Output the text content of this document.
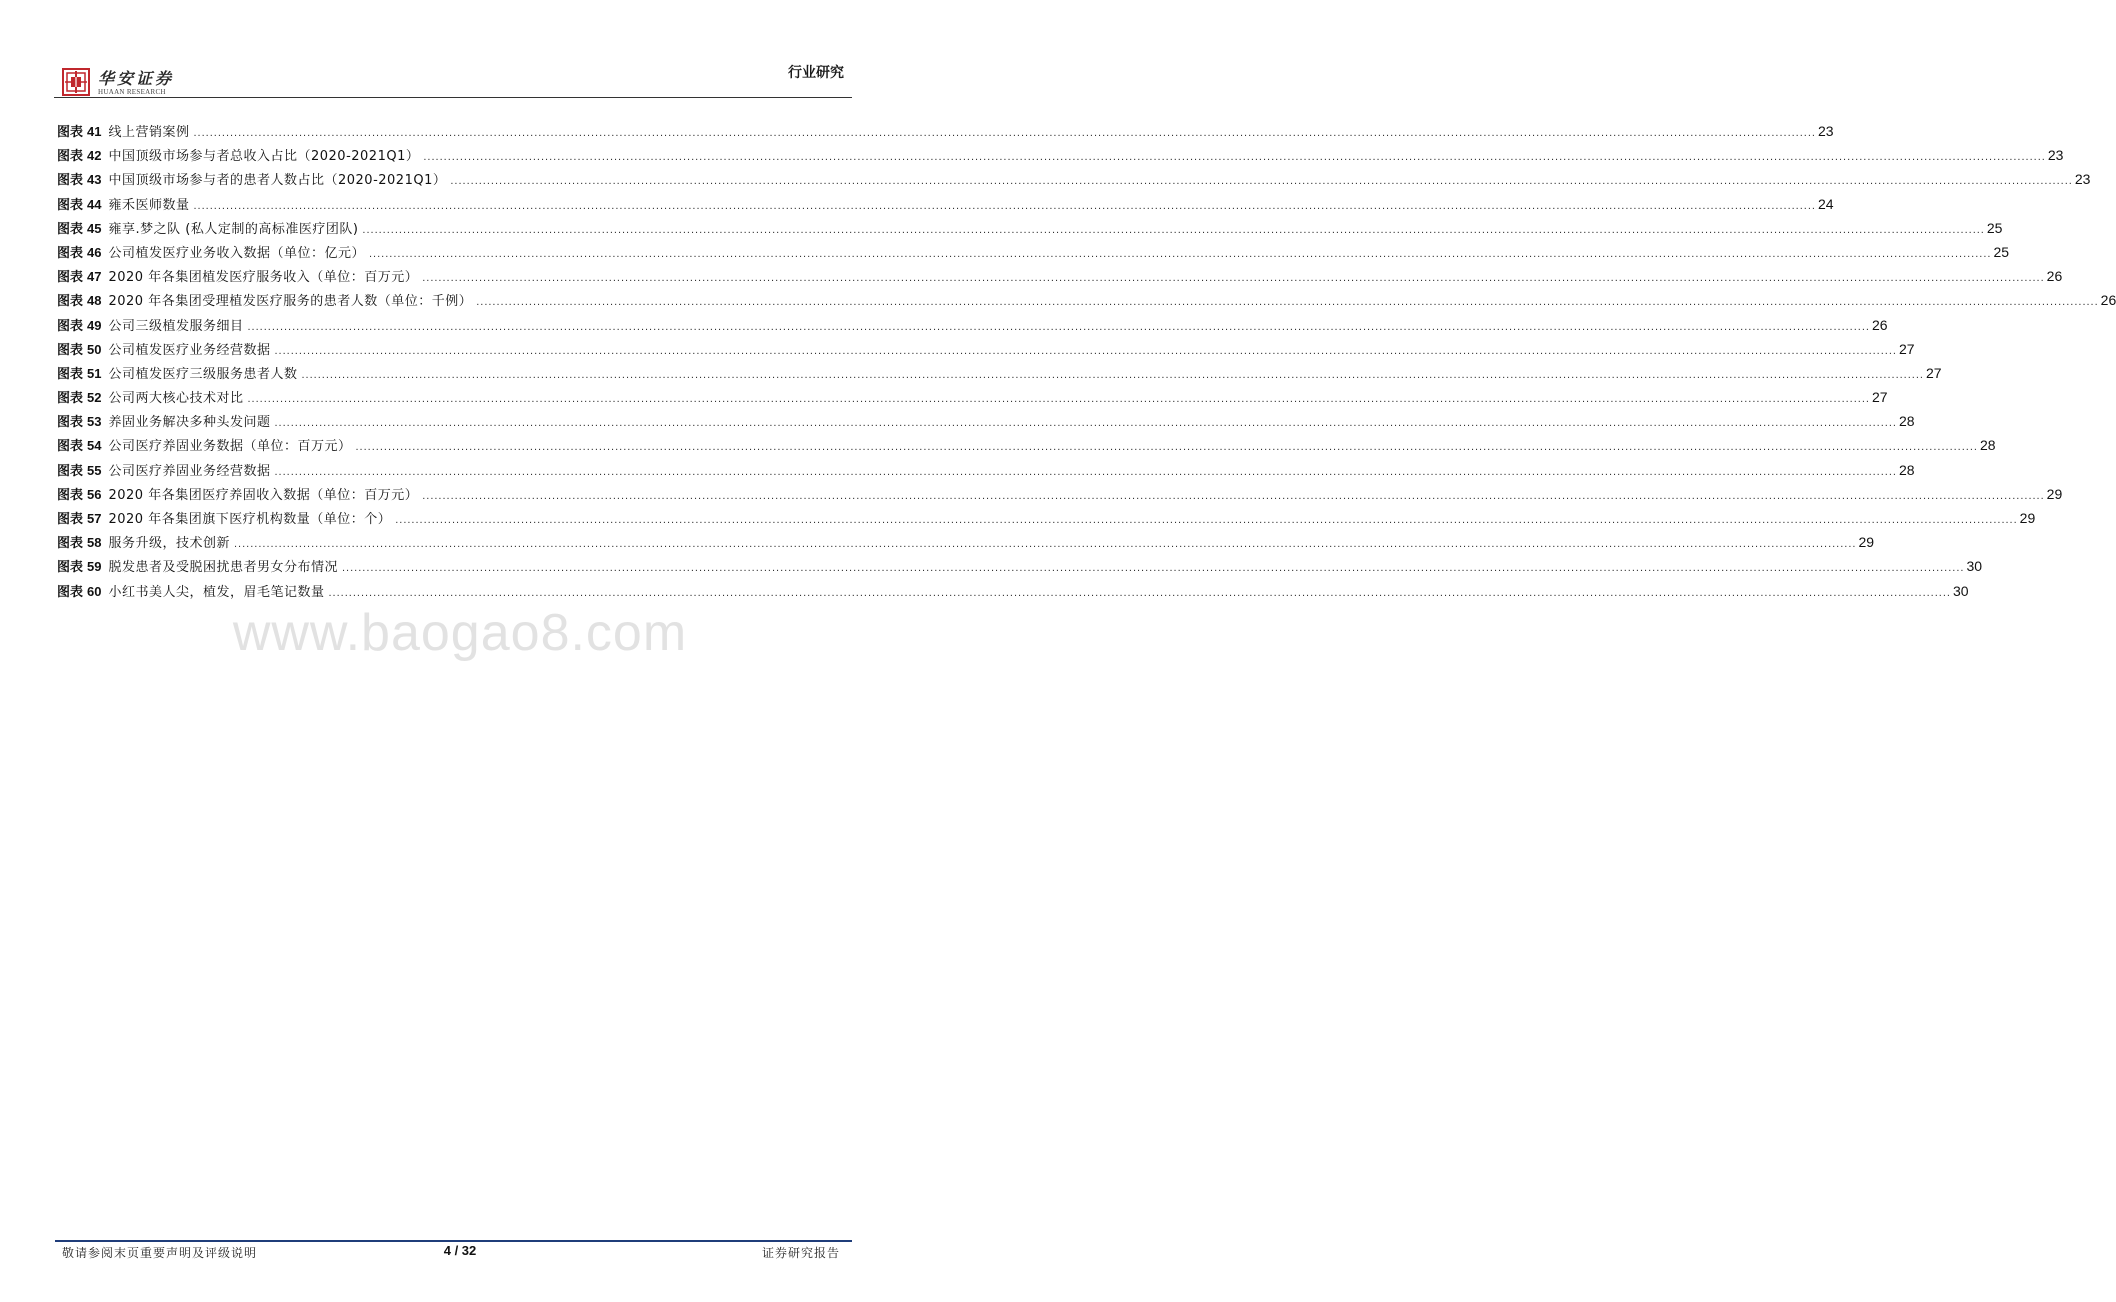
华安证券
HUAAN RESEARCH
行业研究
图表 41 线上营销案例 ................................................................................................................................................................................................................................................................................................................................................................................................................ 23
图表 42 中国顶级市场参与者总收入占比（2020-2021Q1） ................................................................................................................................................................................................................................................................................................................................................................................................................ 23
图表 43 中国顶级市场参与者的患者人数占比（2020-2021Q1） ................................................................................................................................................................................................................................................................................................................................................................................................................ 23
图表 44 雍禾医师数量 ................................................................................................................................................................................................................................................................................................................................................................................................................ 24
图表 45 雍享.梦之队 (私人定制的高标准医疗团队) ................................................................................................................................................................................................................................................................................................................................................................................................................ 25
图表 46 公司植发医疗业务收入数据（单位：亿元） ................................................................................................................................................................................................................................................................................................................................................................................................................ 25
图表 47 2020 年各集团植发医疗服务收入（单位：百万元） ................................................................................................................................................................................................................................................................................................................................................................................................................ 26
图表 48 2020 年各集团受理植发医疗服务的患者人数（单位：千例） ................................................................................................................................................................................................................................................................................................................................................................................................................ 26
图表 49 公司三级植发服务细目 ................................................................................................................................................................................................................................................................................................................................................................................................................ 26
图表 50 公司植发医疗业务经营数据 ................................................................................................................................................................................................................................................................................................................................................................................................................ 27
图表 51 公司植发医疗三级服务患者人数 ................................................................................................................................................................................................................................................................................................................................................................................................................ 27
图表 52 公司两大核心技术对比 ................................................................................................................................................................................................................................................................................................................................................................................................................ 27
图表 53 养固业务解决多种头发问题 ................................................................................................................................................................................................................................................................................................................................................................................................................ 28
图表 54 公司医疗养固业务数据（单位：百万元） ................................................................................................................................................................................................................................................................................................................................................................................................................ 28
图表 55 公司医疗养固业务经营数据 ................................................................................................................................................................................................................................................................................................................................................................................................................ 28
图表 56 2020 年各集团医疗养固收入数据（单位：百万元） ................................................................................................................................................................................................................................................................................................................................................................................................................ 29
图表 57 2020 年各集团旗下医疗机构数量（单位：个） ................................................................................................................................................................................................................................................................................................................................................................................................................ 29
图表 58 服务升级，技术创新 ................................................................................................................................................................................................................................................................................................................................................................................................................ 29
图表 59 脱发患者及受脱困扰患者男女分布情况 ................................................................................................................................................................................................................................................................................................................................................................................................................ 30
图表 60 小红书美人尖，植发，眉毛笔记数量 ................................................................................................................................................................................................................................................................................................................................................................................................................ 30
www.baogao8.com
敬请参阅末页重要声明及评级说明	4 / 32	证券研究报告
